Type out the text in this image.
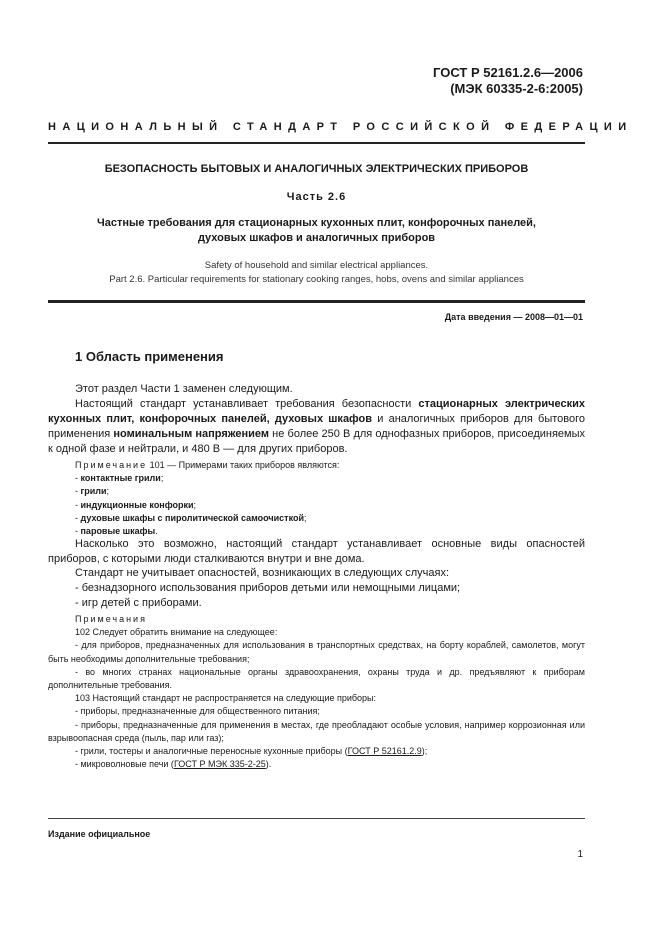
ГОСТ Р 52161.2.6—2006
(МЭК 60335-2-6:2005)
НАЦИОНАЛЬНЫЙ СТАНДАРТ РОССИЙСКОЙ ФЕДЕРАЦИИ
БЕЗОПАСНОСТЬ БЫТОВЫХ И АНАЛОГИЧНЫХ ЭЛЕКТРИЧЕСКИХ ПРИБОРОВ
Часть 2.6
Частные требования для стационарных кухонных плит, конфорочных панелей,
духовых шкафов и аналогичных приборов
Safety of household and similar electrical appliances.
Part 2.6. Particular requirements for stationary cooking ranges, hobs, ovens and similar appliances
Дата введения — 2008—01—01
1 Область применения
Этот раздел Части 1 заменен следующим.
Настоящий стандарт устанавливает требования безопасности стационарных электрических кухонных плит, конфорочных панелей, духовых шкафов и аналогичных приборов для бытового применения номинальным напряжением не более 250 В для однофазных приборов, присоединяемых к одной фазе и нейтрали, и 480 В — для других приборов.
Примечание 101 — Примерами таких приборов являются:
- контактные грили;
- грили;
- индукционные конфорки;
- духовые шкафы с пиролитической самоочисткой;
- паровые шкафы.
Насколько это возможно, настоящий стандарт устанавливает основные виды опасностей приборов, с которыми люди сталкиваются внутри и вне дома.
Стандарт не учитывает опасностей, возникающих в следующих случаях:
- безнадзорного использования приборов детьми или немощными лицами;
- игр детей с приборами.
Примечания
102 Следует обратить внимание на следующее:
- для приборов, предназначенных для использования в транспортных средствах, на борту кораблей, самолетов, могут быть необходимы дополнительные требования;
- во многих странах национальные органы здравоохранения, охраны труда и др. предъявляют к приборам дополнительные требования.
103 Настоящий стандарт не распространяется на следующие приборы:
- приборы, предназначенные для общественного питания;
- приборы, предназначенные для применения в местах, где преобладают особые условия, например коррозионная или взрывоопасная среда (пыль, пар или газ);
- грили, тостеры и аналогичные переносные кухонные приборы (ГОСТ Р 52161.2.9);
- микроволновые печи (ГОСТ Р МЭК 335-2-25).
Издание официальное
1
